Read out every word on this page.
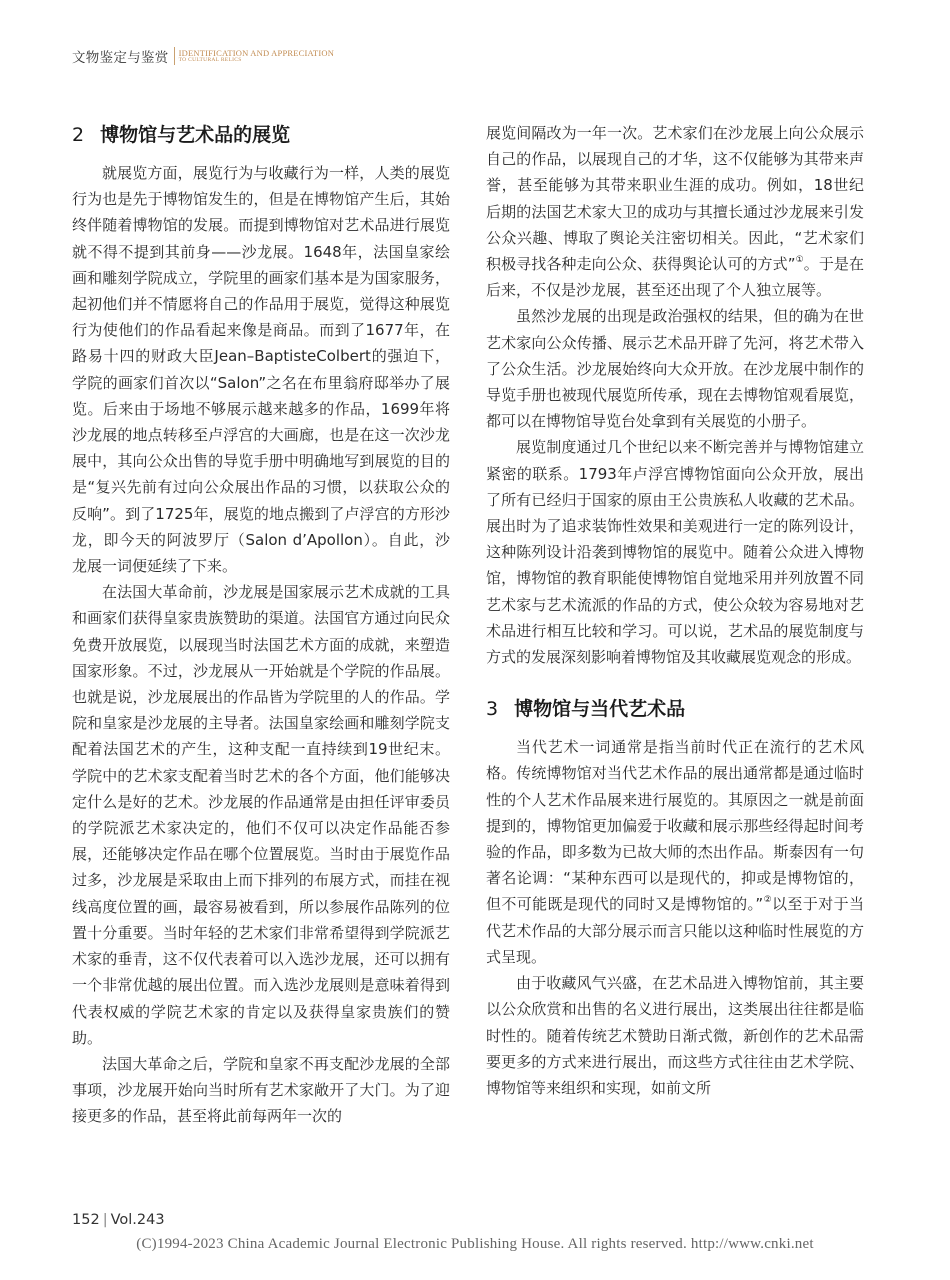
文物鉴定与鉴赏 IDENTIFICATION AND APPRECIATION
TO CULTURAL RELICS
2 博物馆与艺术品的展览

就展览方面，展览行为与收藏行为一样，人类的展览行为也是先于博物馆发生的，但是在博物馆产生后，其始终伴随着博物馆的发展。而提到博物馆对艺术品进行展览就不得不提到其前身——沙龙展。1648年，法国皇家绘画和雕刻学院成立，学院里的画家们基本是为国家服务，起初他们并不情愿将自己的作品用于展览，觉得这种展览行为使他们的作品看起来像是商品。而到了1677年，在路易十四的财政大臣Jean–BaptisteColbert的强迫下，学院的画家们首次以“Salon”之名在布里翁府邸举办了展览。后来由于场地不够展示越来越多的作品，1699年将沙龙展的地点转移至卢浮宫的大画廊，也是在这一次沙龙展中，其向公众出售的导览手册中明确地写到展览的目的是“复兴先前有过向公众展出作品的习惯，以获取公众的反响”。到了1725年，展览的地点搬到了卢浮宫的方形沙龙，即今天的阿波罗厅（Salon d’Apollon）。自此，沙龙展一词便延续了下来。

在法国大革命前，沙龙展是国家展示艺术成就的工具和画家们获得皇家贵族赞助的渠道。法国官方通过向民众免费开放展览，以展现当时法国艺术方面的成就，来塑造国家形象。不过，沙龙展从一开始就是个学院的作品展。也就是说，沙龙展展出的作品皆为学院里的人的作品。学院和皇家是沙龙展的主导者。法国皇家绘画和雕刻学院支配着法国艺术的产生，这种支配一直持续到19世纪末。学院中的艺术家支配着当时艺术的各个方面，他们能够决定什么是好的艺术。沙龙展的作品通常是由担任评审委员的学院派艺术家决定的，他们不仅可以决定作品能否参展，还能够决定作品在哪个位置展览。当时由于展览作品过多，沙龙展是采取由上而下排列的布展方式，而挂在视线高度位置的画，最容易被看到，所以参展作品陈列的位置十分重要。当时年轻的艺术家们非常希望得到学院派艺术家的垂青，这不仅代表着可以入选沙龙展，还可以拥有一个非常优越的展出位置。而入选沙龙展则是意味着得到代表权威的学院艺术家的肯定以及获得皇家贵族们的赞助。

法国大革命之后，学院和皇家不再支配沙龙展的全部事项，沙龙展开始向当时所有艺术家敞开了大门。为了迎接更多的作品，甚至将此前每两年一次的

展览间隔改为一年一次。艺术家们在沙龙展上向公众展示自己的作品，以展现自己的才华，这不仅能够为其带来声誉，甚至能够为其带来职业生涯的成功。例如，18世纪后期的法国艺术家大卫的成功与其擅长通过沙龙展来引发公众兴趣、博取了舆论关注密切相关。因此，“艺术家们积极寻找各种走向公众、获得舆论认可的方式”①。于是在后来，不仅是沙龙展，甚至还出现了个人独立展等。

虽然沙龙展的出现是政治强权的结果，但的确为在世艺术家向公众传播、展示艺术品开辟了先河，将艺术带入了公众生活。沙龙展始终向大众开放。在沙龙展中制作的导览手册也被现代展览所传承，现在去博物馆观看展览，都可以在博物馆导览台处拿到有关展览的小册子。

展览制度通过几个世纪以来不断完善并与博物馆建立紧密的联系。1793年卢浮宫博物馆面向公众开放，展出了所有已经归于国家的原由王公贵族私人收藏的艺术品。展出时为了追求装饰性效果和美观进行一定的陈列设计，这种陈列设计沿袭到博物馆的展览中。随着公众进入博物馆，博物馆的教育职能使博物馆自觉地采用并列放置不同艺术家与艺术流派的作品的方式，使公众较为容易地对艺术品进行相互比较和学习。可以说，艺术品的展览制度与方式的发展深刻影响着博物馆及其收藏展览观念的形成。

3 博物馆与当代艺术品

当代艺术一词通常是指当前时代正在流行的艺术风格。传统博物馆对当代艺术作品的展出通常都是通过临时性的个人艺术作品展来进行展览的。其原因之一就是前面提到的，博物馆更加偏爱于收藏和展示那些经得起时间考验的作品，即多数为已故大师的杰出作品。斯泰因有一句著名论调：“某种东西可以是现代的，抑或是博物馆的，但不可能既是现代的同时又是博物馆的。”②以至于对于当代艺术作品的大部分展示而言只能以这种临时性展览的方式呈现。

由于收藏风气兴盛，在艺术品进入博物馆前，其主要以公众欣赏和出售的名义进行展出，这类展出往往都是临时性的。随着传统艺术赞助日渐式微，新创作的艺术品需要更多的方式来进行展出，而这些方式往往由艺术学院、博物馆等来组织和实现，如前文所

152 | Vol.243
(C)1994-2023 China Academic Journal Electronic Publishing House. All rights reserved. http://www.cnki.net
